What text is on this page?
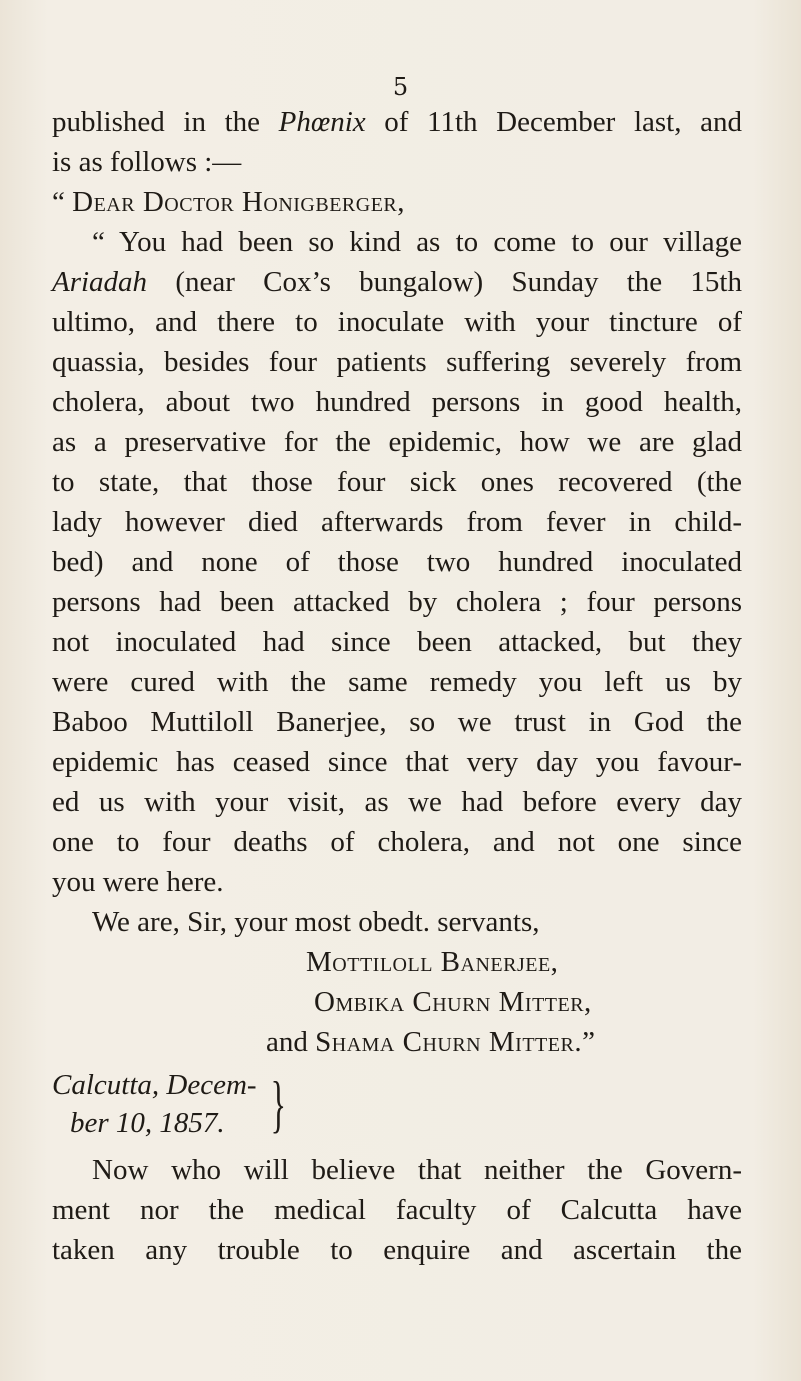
5
published in the Phœnix of 11th December last, and
is as follows :—
“ Dear Doctor Honigberger,
“ You had been so kind as to come to our village
Ariadah (near Cox’s bungalow) Sunday the 15th
ultimo, and there to inoculate with your tincture of
quassia, besides four patients suffering severely from
cholera, about two hundred persons in good health,
as a preservative for the epidemic, how we are glad
to state, that those four sick ones recovered (the
lady however died afterwards from fever in child-
bed) and none of those two hundred inoculated
persons had been attacked by cholera ; four persons
not inoculated had since been attacked, but they
were cured with the same remedy you left us by
Baboo Muttiloll Banerjee, so we trust in God the
epidemic has ceased since that very day you favour-
ed us with your visit, as we had before every day
one to four deaths of cholera, and not one since
you were here.
We are, Sir, your most obedt. servants,
Mottiloll Banerjee,
Ombika Churn Mitter,
and Shama Churn Mitter.”
Calcutta, Decem-
ber 10, 1857. }
Now who will believe that neither the Govern-
ment nor the medical faculty of Calcutta have
taken any trouble to enquire and ascertain the
